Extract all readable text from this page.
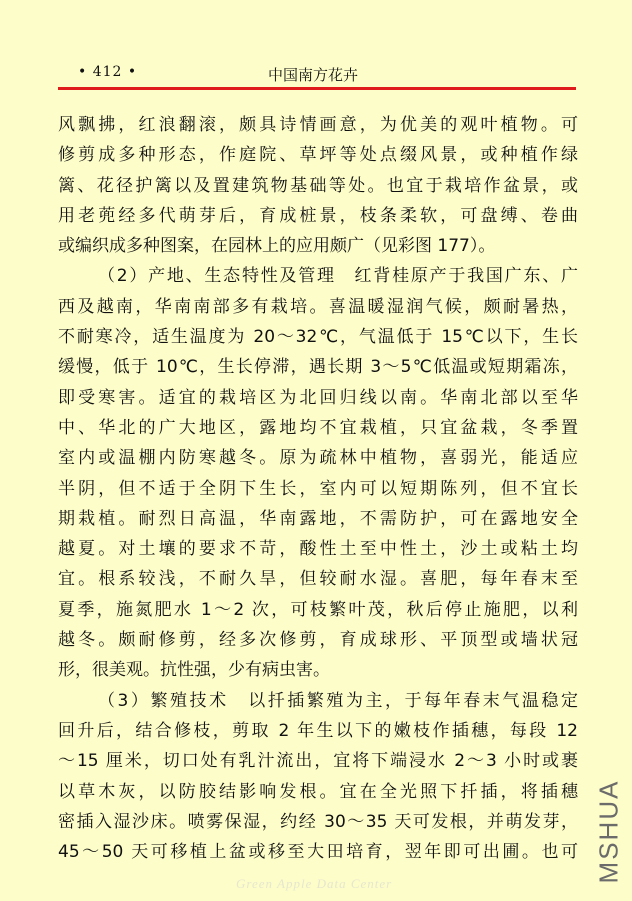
• 412 •	中国南方花卉
风飘拂，红浪翻滚，颇具诗情画意，为优美的观叶植物。可
修剪成多种形态，作庭院、草坪等处点缀风景，或种植作绿
篱、花径护篱以及置建筑物基础等处。也宜于栽培作盆景，或
用老蔸经多代萌芽后，育成桩景，枝条柔软，可盘缚、卷曲
或编织成多种图案，在园林上的应用颇广（见彩图 177）。
（2）产地、生态特性及管理　红背桂原产于我国广东、广
西及越南，华南南部多有栽培。喜温暖湿润气候，颇耐暑热，
不耐寒冷，适生温度为 20～32℃，气温低于 15℃以下，生长
缓慢，低于 10℃，生长停滞，遇长期 3～5℃低温或短期霜冻，
即受寒害。适宜的栽培区为北回归线以南。华南北部以至华
中、华北的广大地区，露地均不宜栽植，只宜盆栽，冬季置
室内或温棚内防寒越冬。原为疏林中植物，喜弱光，能适应
半阴，但不适于全阴下生长，室内可以短期陈列，但不宜长
期栽植。耐烈日高温，华南露地，不需防护，可在露地安全
越夏。对土壤的要求不苛，酸性土至中性土，沙土或粘土均
宜。根系较浅，不耐久旱，但较耐水湿。喜肥，每年春末至
夏季，施氮肥水 1～2 次，可枝繁叶茂，秋后停止施肥，以利
越冬。颇耐修剪，经多次修剪，育成球形、平顶型或墙状冠
形，很美观。抗性强，少有病虫害。
（3）繁殖技术　以扦插繁殖为主，于每年春末气温稳定
回升后，结合修枝，剪取 2 年生以下的嫩枝作插穗，每段 12
～15 厘米，切口处有乳汁流出，宜将下端浸水 2～3 小时或裹
以草木灰，以防胶结影响发根。宜在全光照下扦插，将插穗
密插入湿沙床。喷雾保湿，约经 30～35 天可发根，并萌发芽，
45～50 天可移植上盆或移至大田培育，翌年即可出圃。也可 MSHUA
Green Apple Data Center
